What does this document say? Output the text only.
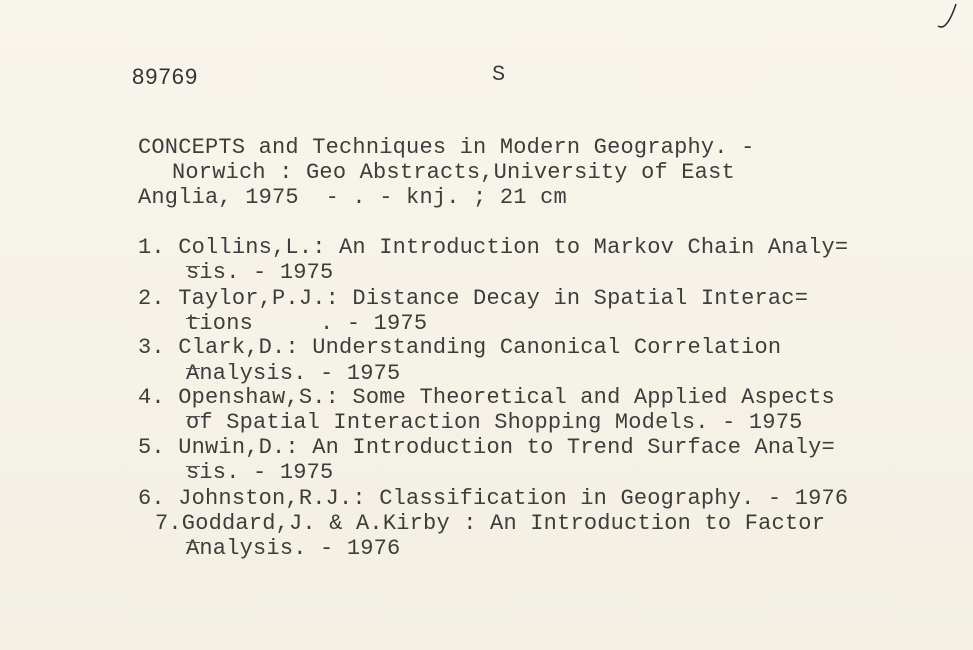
89769	S
CONCEPTS and Techniques in Modern Geography. -
Norwich : Geo Abstracts,University of East
Anglia, 1975  - . - knj. ; 21 cm
1. Collins,L.: An Introduction to Markov Chain Analy=
sis. - 1975
2. Taylor,P.J.: Distance Decay in Spatial Interac=
tions     . - 1975
3. Clark,D.: Understanding Canonical Correlation
Analysis. - 1975
4. Openshaw,S.: Some Theoretical and Applied Aspects
of Spatial Interaction Shopping Models. - 1975
5. Unwin,D.: An Introduction to Trend Surface Analy=
sis. - 1975
6. Johnston,R.J.: Classification in Geography. - 1976
7.Goddard,J. & A.Kirby : An Introduction to Factor
Analysis. - 1976
